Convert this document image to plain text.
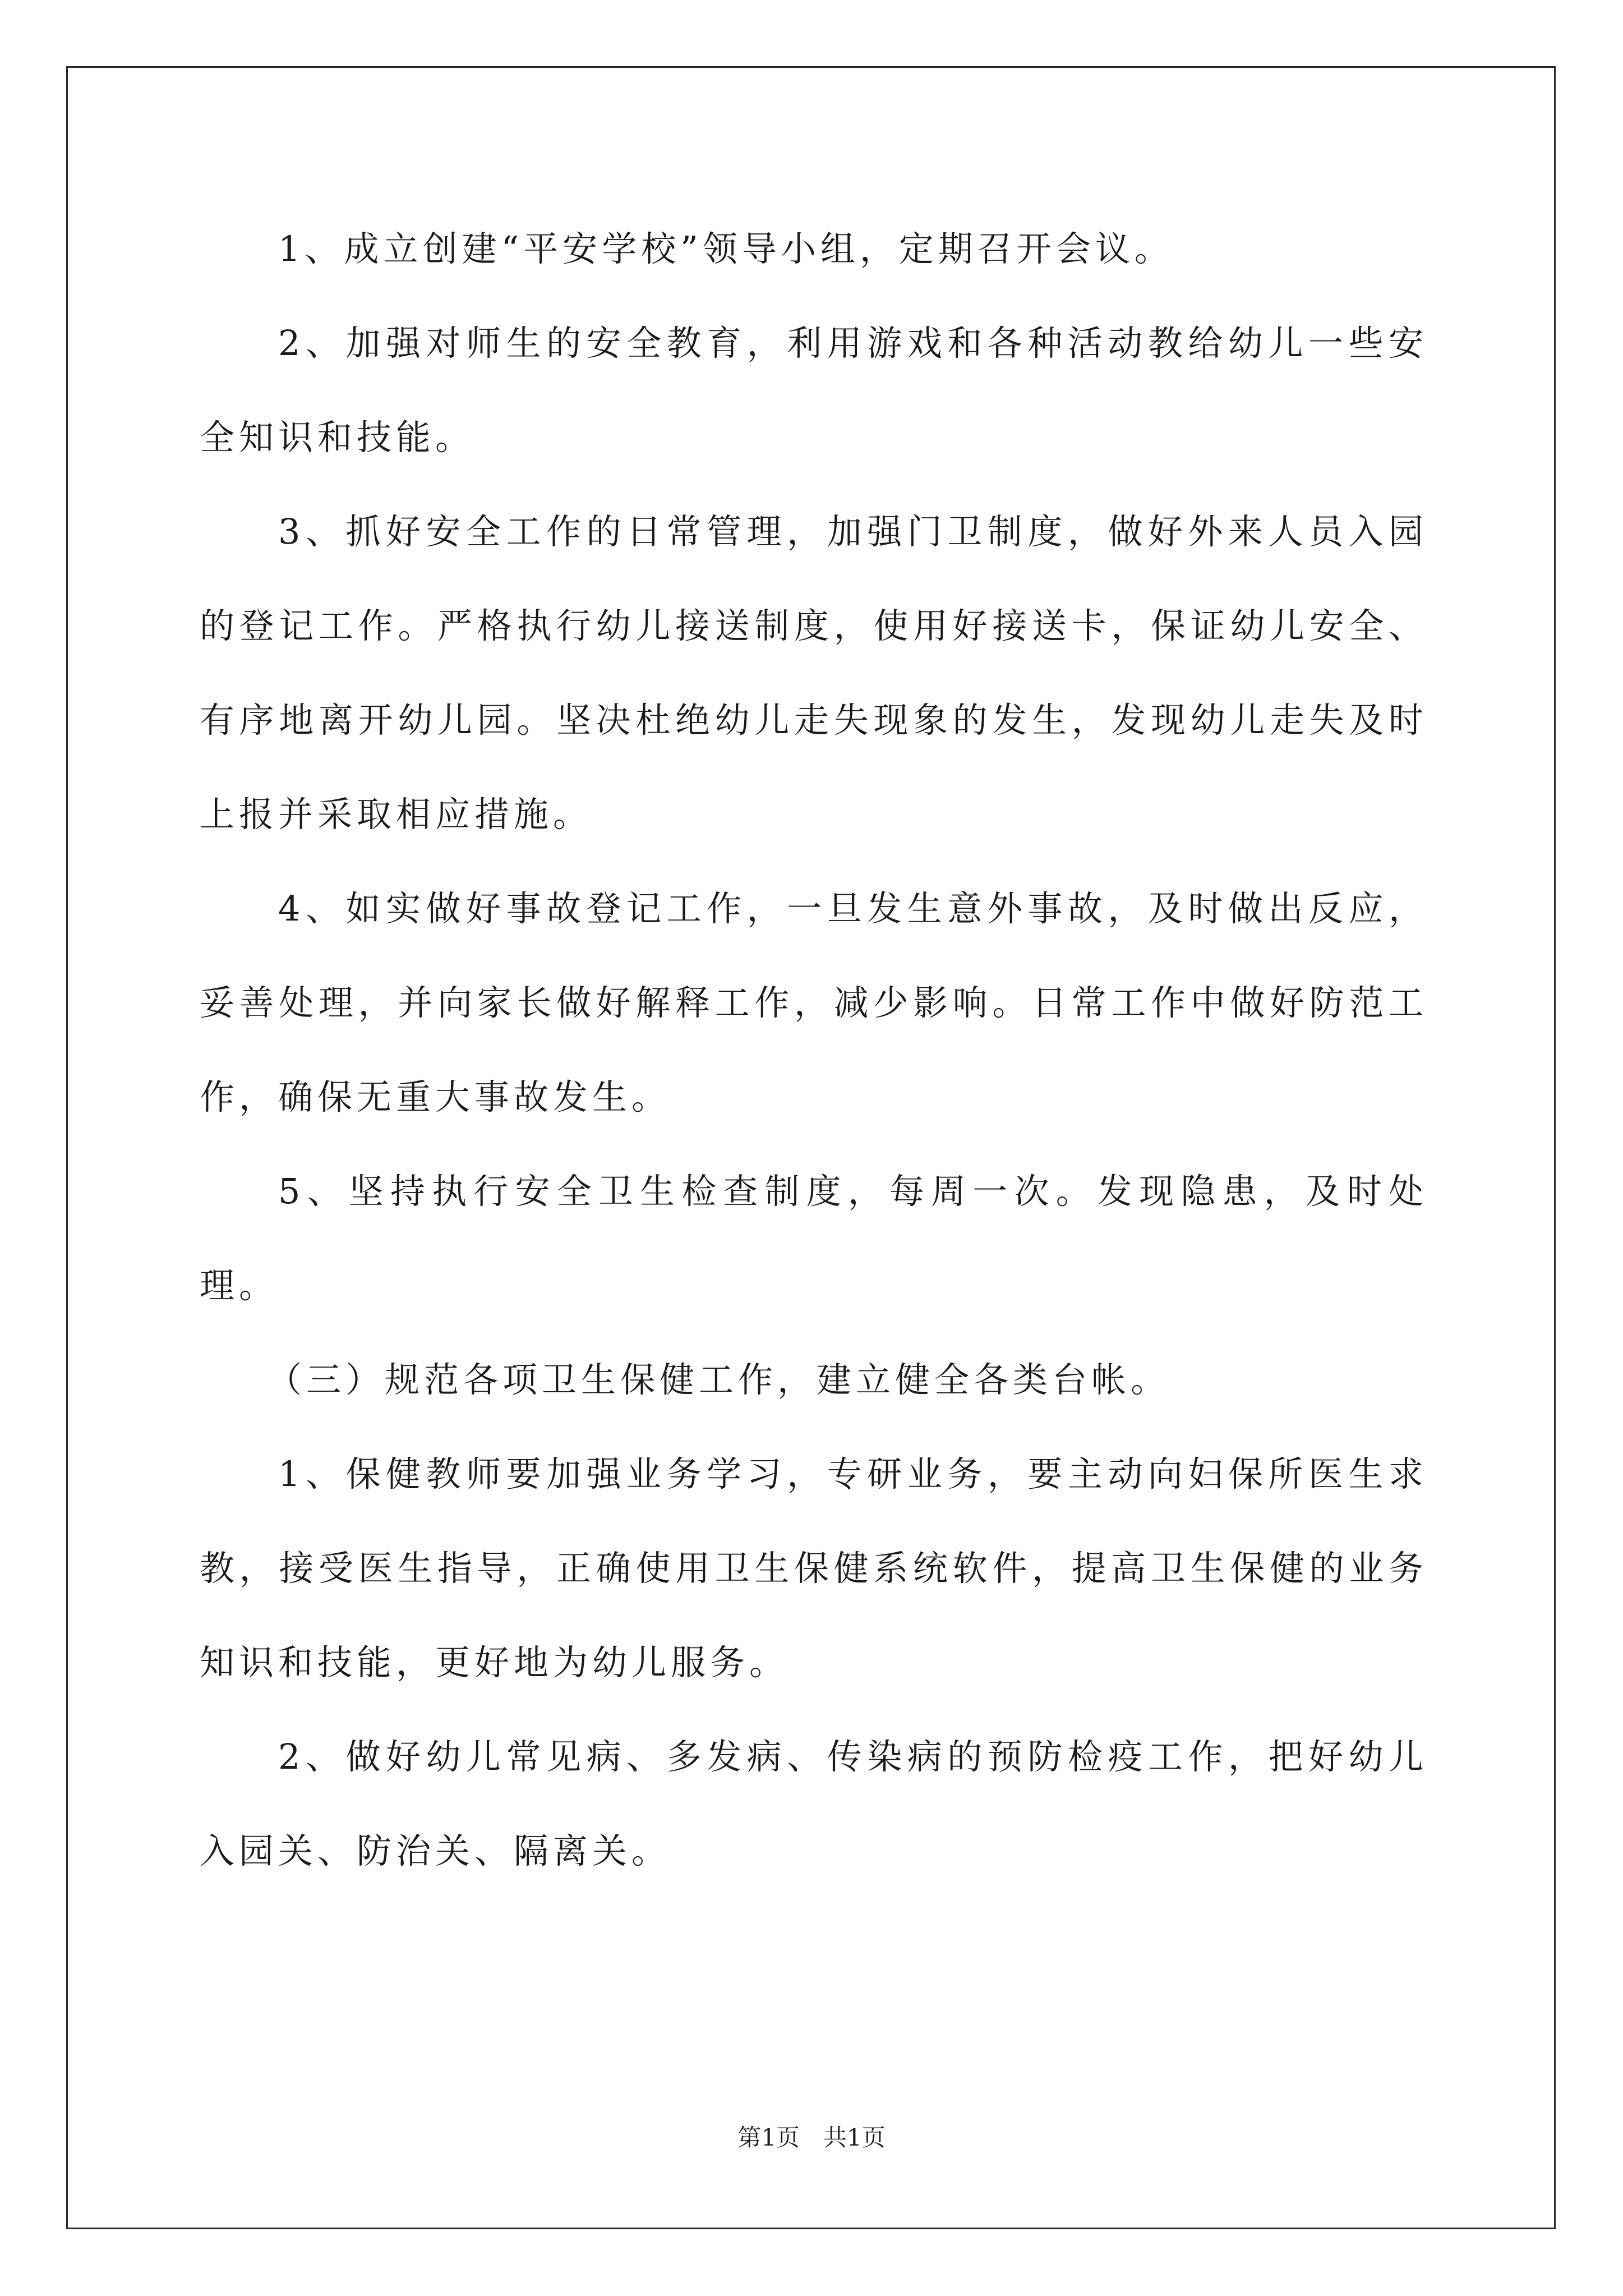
1、成立创建“平安学校”领导小组，定期召开会议。

2、加强对师生的安全教育，利用游戏和各种活动教给幼儿一些安全知识和技能。

3、抓好安全工作的日常管理，加强门卫制度，做好外来人员入园的登记工作。严格执行幼儿接送制度，使用好接送卡，保证幼儿安全、有序地离开幼儿园。坚决杜绝幼儿走失现象的发生，发现幼儿走失及时上报并采取相应措施。

4、如实做好事故登记工作，一旦发生意外事故，及时做出反应，妥善处理，并向家长做好解释工作，减少影响。日常工作中做好防范工作，确保无重大事故发生。

5、坚持执行安全卫生检查制度，每周一次。发现隐患，及时处理。

（三）规范各项卫生保健工作，建立健全各类台帐。

1、保健教师要加强业务学习，专研业务，要主动向妇保所医生求教，接受医生指导，正确使用卫生保健系统软件，提高卫生保健的业务知识和技能，更好地为幼儿服务。

2、做好幼儿常见病、多发病、传染病的预防检疫工作，把好幼儿入园关、防治关、隔离关。

第1页　共1页
